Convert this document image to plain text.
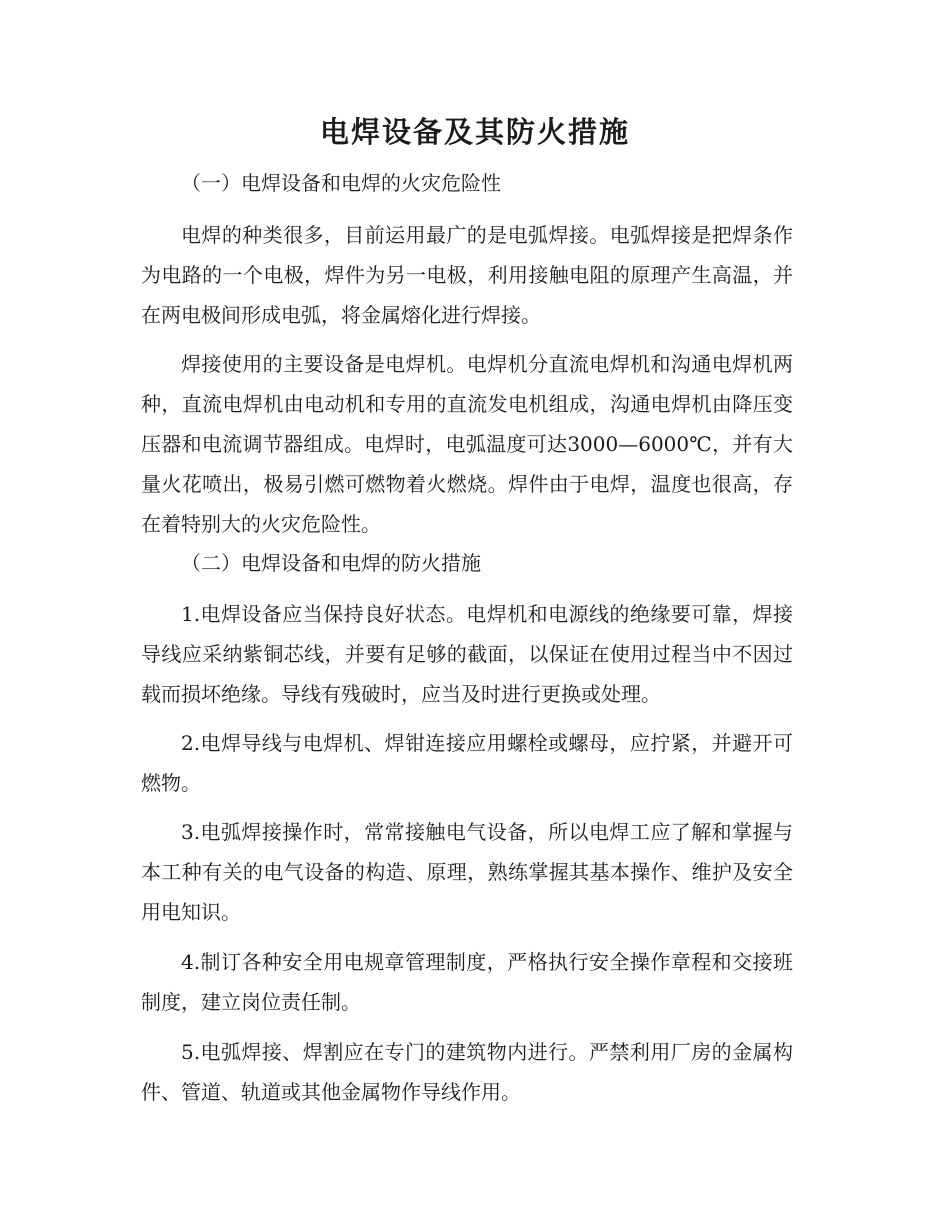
电焊设备及其防火措施

（一）电焊设备和电焊的火灾危险性

电焊的种类很多，目前运用最广的是电弧焊接。电弧焊接是把焊条作为电路的一个电极，焊件为另一电极，利用接触电阻的原理产生高温，并在两电极间形成电弧，将金属熔化进行焊接。

焊接使用的主要设备是电焊机。电焊机分直流电焊机和沟通电焊机两种，直流电焊机由电动机和专用的直流发电机组成，沟通电焊机由降压变压器和电流调节器组成。电焊时，电弧温度可达3000—6000℃，并有大量火花喷出，极易引燃可燃物着火燃烧。焊件由于电焊，温度也很高，存在着特别大的火灾危险性。

（二）电焊设备和电焊的防火措施

1.电焊设备应当保持良好状态。电焊机和电源线的绝缘要可靠，焊接导线应采纳紫铜芯线，并要有足够的截面，以保证在使用过程当中不因过载而损坏绝缘。导线有残破时，应当及时进行更换或处理。

2.电焊导线与电焊机、焊钳连接应用螺栓或螺母，应拧紧，并避开可燃物。

3.电弧焊接操作时，常常接触电气设备，所以电焊工应了解和掌握与本工种有关的电气设备的构造、原理，熟练掌握其基本操作、维护及安全用电知识。

4.制订各种安全用电规章管理制度，严格执行安全操作章程和交接班制度，建立岗位责任制。

5.电弧焊接、焊割应在专门的建筑物内进行。严禁利用厂房的金属构件、管道、轨道或其他金属物作导线作用。
